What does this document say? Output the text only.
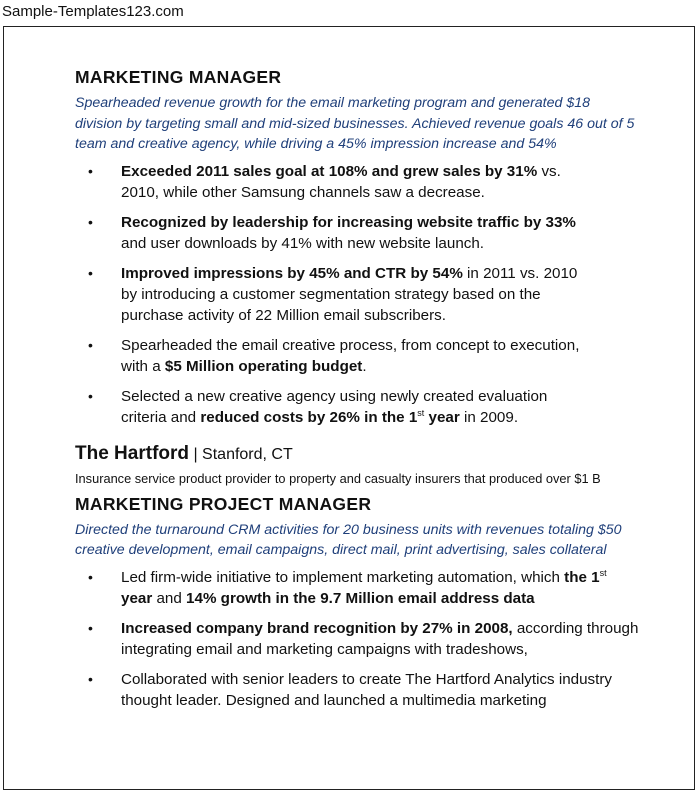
Sample-Templates123.com
MARKETING MANAGER
Spearheaded revenue growth for the email marketing program and generated $18
division by targeting small and mid-sized businesses. Achieved revenue goals 46 out of 5
team and creative agency, while driving a 45% impression increase and 54%
• Exceeded 2011 sales goal at 108% and grew sales by 31% vs. 2010, while other Samsung channels saw a decrease.
• Recognized by leadership for increasing website traffic by 33% and user downloads by 41% with new website launch.
• Improved impressions by 45% and CTR by 54% in 2011 vs. 2010 by introducing a customer segmentation strategy based on the purchase activity of 22 Million email subscribers.
• Spearheaded the email creative process, from concept to execution, with a $5 Million operating budget.
• Selected a new creative agency using newly created evaluation criteria and reduced costs by 26% in the 1st year in 2009.
The Hartford | Stanford, CT
Insurance service product provider to property and casualty insurers that produced over $1 B
MARKETING PROJECT MANAGER
Directed the turnaround CRM activities for 20 business units with revenues totaling $50
creative development, email campaigns, direct mail, print advertising, sales collateral
• Led firm-wide initiative to implement marketing automation, which the 1st year and 14% growth in the 9.7 Million email address data
• Increased company brand recognition by 27% in 2008, according through integrating email and marketing campaigns with tradeshows,
• Collaborated with senior leaders to create The Hartford Analytics industry thought leader. Designed and launched a multimedia marketing
